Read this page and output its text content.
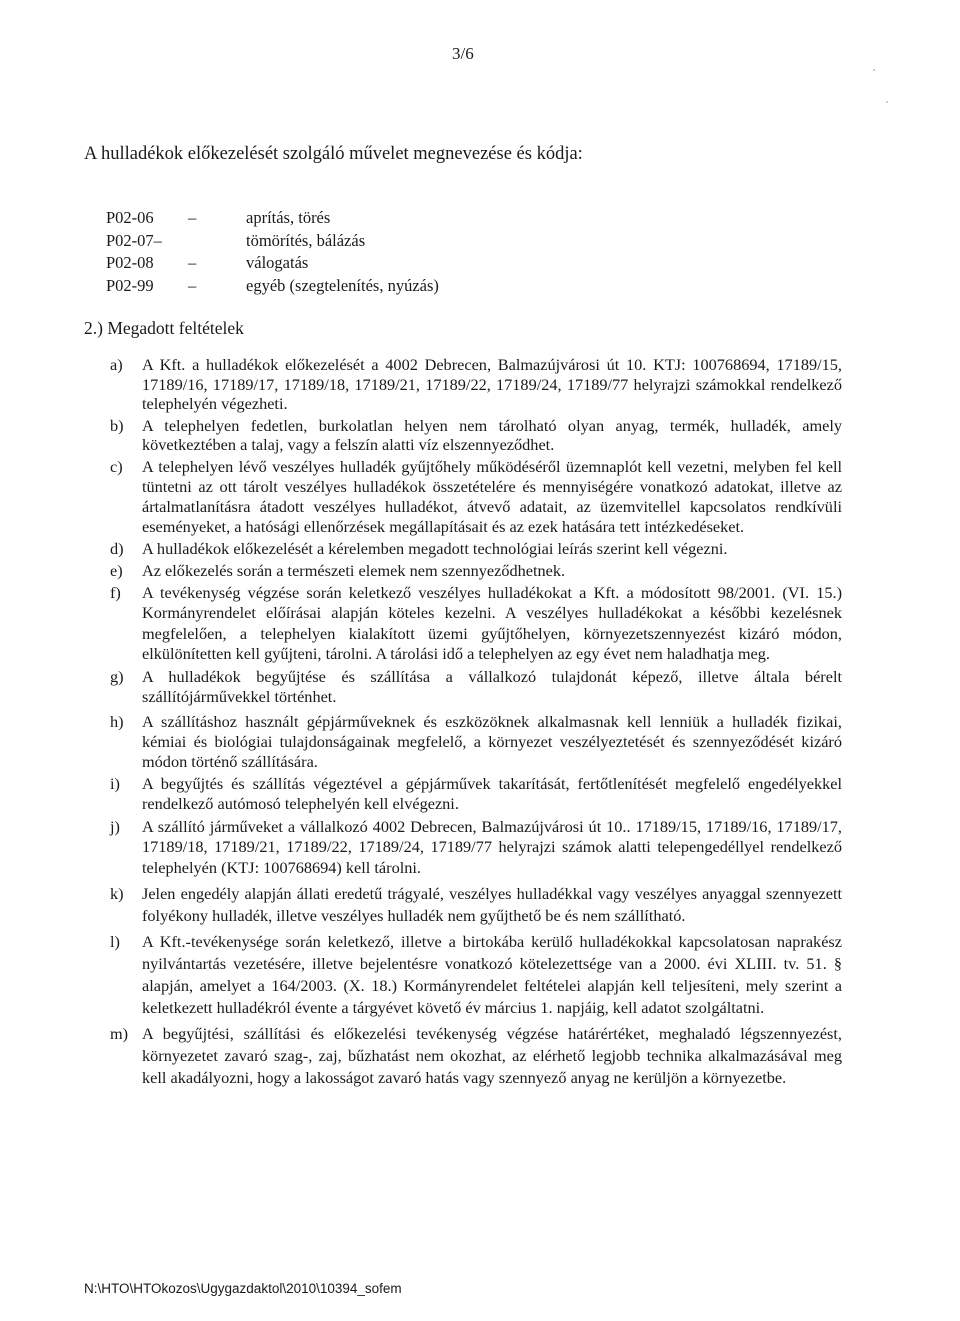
3/6
˙
˙
A hulladékok előkezelését szolgáló művelet megnevezése és kódja:
P02-06	–	aprítás, törés
P02-07–	tömörítés, bálázás
P02-08	–	válogatás
P02-99	–	egyéb (szegtelenítés, nyúzás)
2.) Megadott feltételek
a)	A Kft. a hulladékok előkezelését a 4002 Debrecen, Balmazújvárosi út 10. KTJ: 100768694, 17189/15, 17189/16, 17189/17, 17189/18, 17189/21, 17189/22, 17189/24, 17189/77 helyrajzi számokkal rendelkező telephelyén végezheti.
b)	A telephelyen fedetlen, burkolatlan helyen nem tárolható olyan anyag, termék, hulladék, amely következtében a talaj, vagy a felszín alatti víz elszennyeződhet.
c)	A telephelyen lévő veszélyes hulladék gyűjtőhely működéséről üzemnaplót kell vezetni, melyben fel kell tüntetni az ott tárolt veszélyes hulladékok összetételére és mennyiségére vonatkozó adatokat, illetve az ártalmatlanításra átadott veszélyes hulladékot, átvevő adatait, az üzemvitellel kapcsolatos rendkívüli eseményeket, a hatósági ellenőrzések megállapításait és az ezek hatására tett intézkedéseket.
d)	A hulladékok előkezelését a kérelemben megadott technológiai leírás szerint kell végezni.
e)	Az előkezelés során a természeti elemek nem szennyeződhetnek.
f)	A tevékenység végzése során keletkező veszélyes hulladékokat a Kft. a módosított 98/2001. (VI. 15.) Kormányrendelet előírásai alapján köteles kezelni. A veszélyes hulladékokat a későbbi kezelésnek megfelelően, a telephelyen kialakított üzemi gyűjtőhelyen, környezetszennyezést kizáró módon, elkülönítetten kell gyűjteni, tárolni. A tárolási idő a telephelyen az egy évet nem haladhatja meg.
g)	A hulladékok begyűjtése és szállítása a vállalkozó tulajdonát képező, illetve általa bérelt szállítójárművekkel történhet.
h)	A szállításhoz használt gépjárműveknek és eszközöknek alkalmasnak kell lenniük a hulladék fizikai, kémiai és biológiai tulajdonságainak megfelelő, a környezet veszélyeztetését és szennyeződését kizáró módon történő szállítására.
i)	A begyűjtés és szállítás végeztével a gépjárművek takarítását, fertőtlenítését megfelelő engedélyekkel rendelkező autómosó telephelyén kell elvégezni.
j)	A szállító járműveket a vállalkozó 4002 Debrecen, Balmazújvárosi út 10.. 17189/15, 17189/16, 17189/17, 17189/18, 17189/21, 17189/22, 17189/24, 17189/77 helyrajzi számok alatti telepengedéllyel rendelkező telephelyén (KTJ: 100768694) kell tárolni.
k)	Jelen engedély alapján állati eredetű trágyalé, veszélyes hulladékkal vagy veszélyes anyaggal szennyezett folyékony hulladék, illetve veszélyes hulladék nem gyűjthető be és nem szállítható.
l)	A Kft.-tevékenysége során keletkező, illetve a birtokába kerülő hulladékokkal kapcsolatosan naprakész nyilvántartás vezetésére, illetve bejelentésre vonatkozó kötelezettsége van a 2000. évi XLIII. tv. 51. § alapján, amelyet a 164/2003. (X. 18.) Kormányrendelet feltételei alapján kell teljesíteni, mely szerint a keletkezett hulladékról évente a tárgyévet követő év március 1. napjáig, kell adatot szolgáltatni.
m) A begyűjtési, szállítási és előkezelési tevékenység végzése határértéket, meghaladó légszennyezést, környezetet zavaró szag-, zaj, bűzhatást nem okozhat, az elérhető legjobb technika alkalmazásával meg kell akadályozni, hogy a lakosságot zavaró hatás vagy szennyező anyag ne kerüljön a környezetbe.
N:\HTO\HTOkozos\Ugygazdaktol\2010\10394_sofem
